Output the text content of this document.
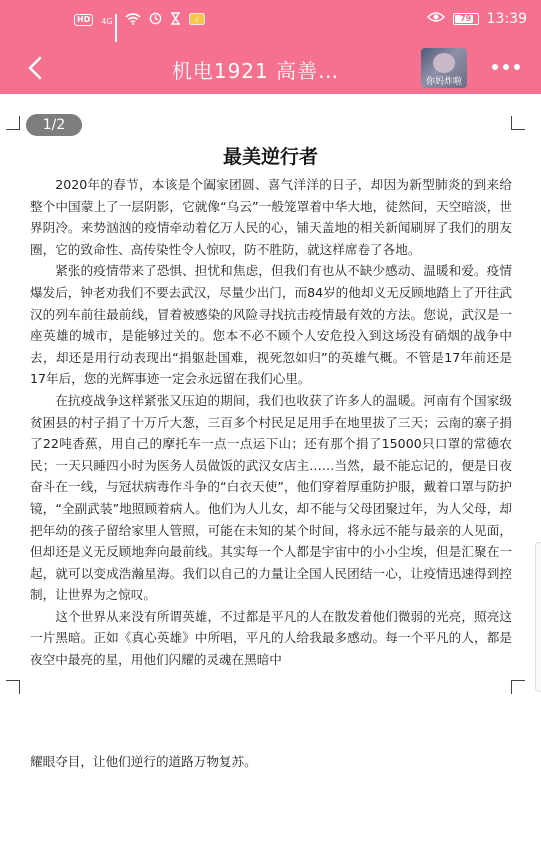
HD	4G	✓	79	13:39
机电1921 高善…	你妈炸啦
1/2
最美逆行者

2020年的春节，本该是个阖家团圆、喜气洋洋的日子，却因为新型肺炎的到来给整个中国蒙上了一层阴影，它就像“乌云”一般笼罩着中华大地，徒然间，天空暗淡，世界阴冷。来势汹汹的疫情牵动着亿万人民的心，铺天盖地的相关新闻刷屏了我们的朋友圈，它的致命性、高传染性令人惊叹，防不胜防，就这样席卷了各地。

紧张的疫情带来了恐惧、担忧和焦虑，但我们有也从不缺少感动、温暖和爱。疫情爆发后，钟老劝我们不要去武汉，尽量少出门，而84岁的他却义无反顾地踏上了开往武汉的列车前往最前线，冒着被感染的风险寻找抗击疫情最有效的方法。您说，武汉是一座英雄的城市，是能够过关的。您本不必不顾个人安危投入到这场没有硝烟的战争中去，却还是用行动表现出“捐躯赴国难，视死忽如归”的英雄气概。不管是17年前还是17年后，您的光辉事迹一定会永远留在我们心里。

在抗疫战争这样紧张又压迫的期间，我们也收获了许多人的温暖。河南有个国家级贫困县的村子捐了十万斤大葱，三百多个村民足足用手在地里拔了三天；云南的寨子捐了22吨香蕉，用自己的摩托车一点一点运下山；还有那个捐了15000只口罩的常德农民；一天只睡四小时为医务人员做饭的武汉女店主……当然，最不能忘记的，便是日夜奋斗在一线，与冠状病毒作斗争的“白衣天使”，他们穿着厚重防护服，戴着口罩与防护镜，“全副武装”地照顾着病人。他们为人儿女，却不能与父母团聚过年，为人父母，却把年幼的孩子留给家里人管照，可能在未知的某个时间，将永远不能与最亲的人见面，但却还是义无反顾地奔向最前线。其实每一个人都是宇宙中的小小尘埃，但是汇聚在一起，就可以变成浩瀚星海。我们以自己的力量让全国人民团结一心，让疫情迅速得到控制，让世界为之惊叹。

这个世界从来没有所谓英雄，不过都是平凡的人在散发着他们微弱的光亮，照亮这一片黑暗。正如《真心英雄》中所唱，平凡的人给我最多感动。每一个平凡的人，都是夜空中最亮的星，用他们闪耀的灵魂在黑暗中

耀眼夺目，让他们逆行的道路万物复苏。
